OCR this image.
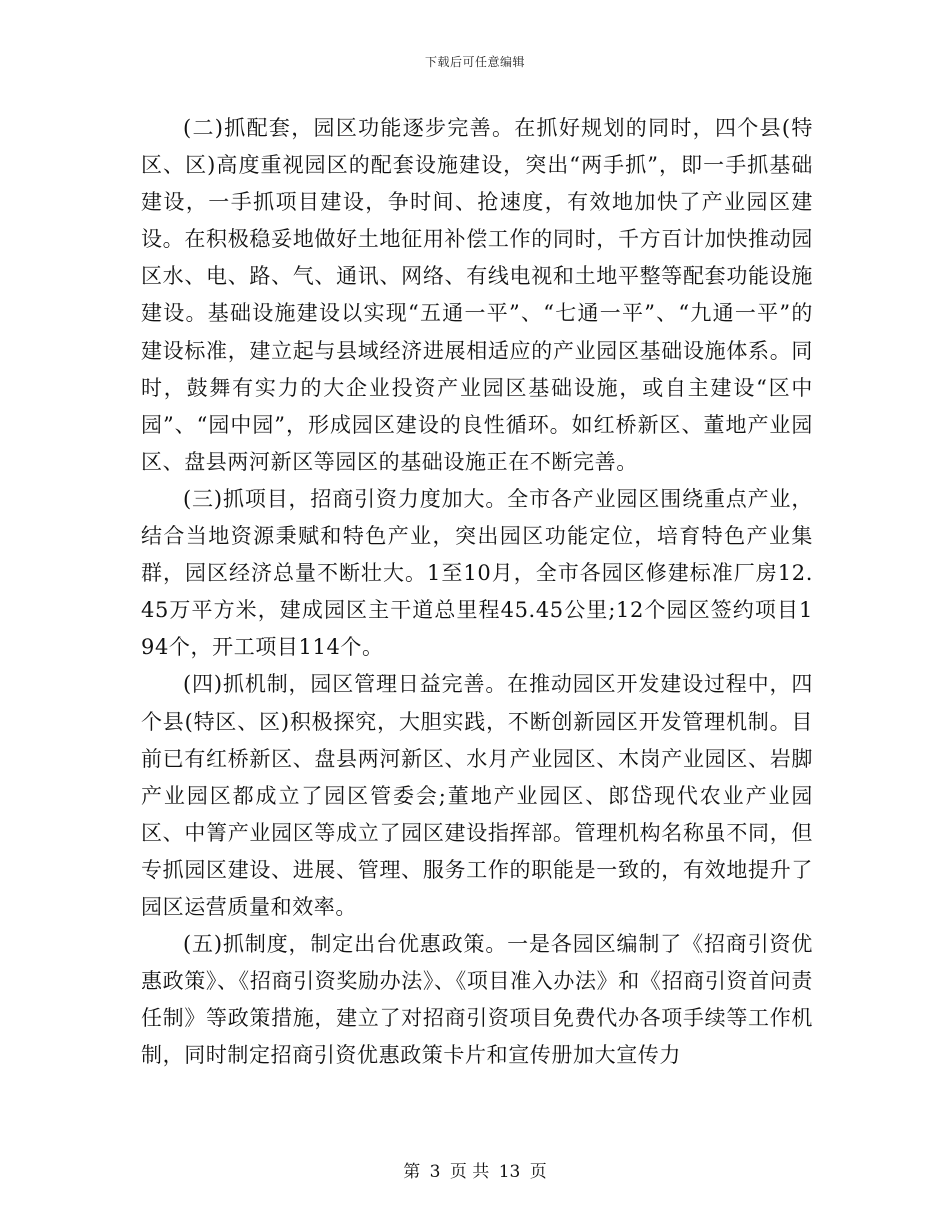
下载后可任意编辑

(二)抓配套，园区功能逐步完善。在抓好规划的同时，四个县(特区、区)高度重视园区的配套设施建设，突出“两手抓”，即一手抓基础建设，一手抓项目建设，争时间、抢速度，有效地加快了产业园区建设。在积极稳妥地做好土地征用补偿工作的同时，千方百计加快推动园区水、电、路、气、通讯、网络、有线电视和土地平整等配套功能设施建设。基础设施建设以实现“五通一平”、“七通一平”、“九通一平”的建设标准，建立起与县域经济进展相适应的产业园区基础设施体系。同时，鼓舞有实力的大企业投资产业园区基础设施，或自主建设“区中园”、“园中园”，形成园区建设的良性循环。如红桥新区、董地产业园区、盘县两河新区等园区的基础设施正在不断完善。

(三)抓项目，招商引资力度加大。全市各产业园区围绕重点产业，结合当地资源秉赋和特色产业，突出园区功能定位，培育特色产业集群，园区经济总量不断壮大。1至10月，全市各园区修建标准厂房12.45万平方米，建成园区主干道总里程45.45公里;12个园区签约项目194个，开工项目114个。

(四)抓机制，园区管理日益完善。在推动园区开发建设过程中，四个县(特区、区)积极探究，大胆实践，不断创新园区开发管理机制。目前已有红桥新区、盘县两河新区、水月产业园区、木岗产业园区、岩脚产业园区都成立了园区管委会;董地产业园区、郎岱现代农业产业园区、中箐产业园区等成立了园区建设指挥部。管理机构名称虽不同，但专抓园区建设、进展、管理、服务工作的职能是一致的，有效地提升了园区运营质量和效率。

(五)抓制度，制定出台优惠政策。一是各园区编制了《招商引资优惠政策》、《招商引资奖励办法》、《项目准入办法》和《招商引资首问责任制》等政策措施，建立了对招商引资项目免费代办各项手续等工作机制，同时制定招商引资优惠政策卡片和宣传册加大宣传力

第 3 页 共 13 页
